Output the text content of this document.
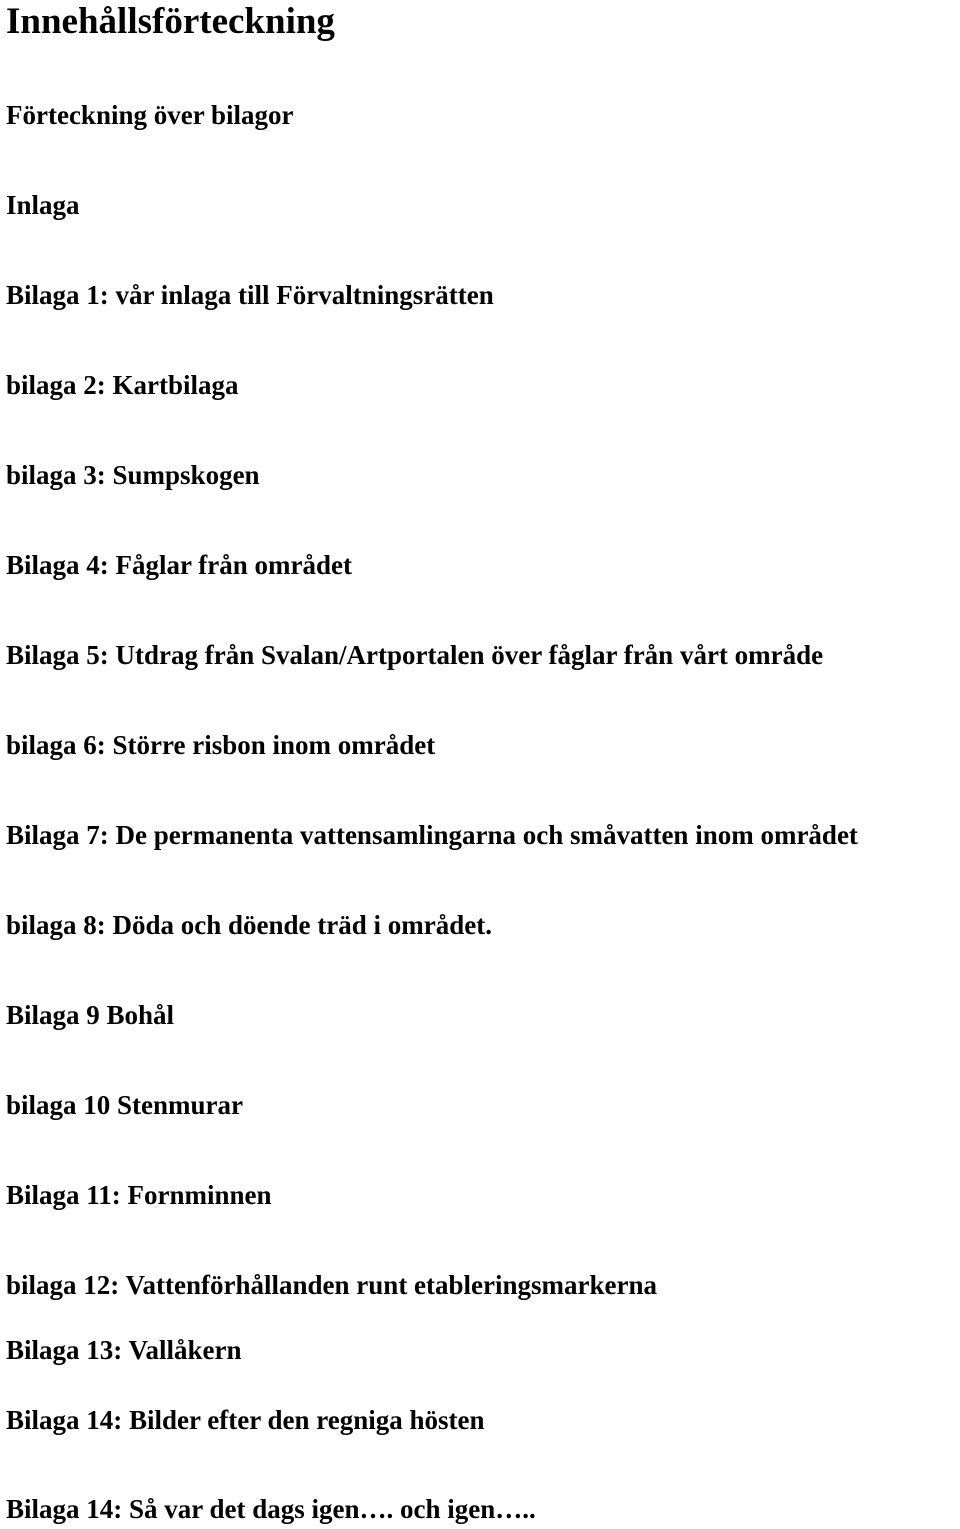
Innehållsförteckning

Förteckning över bilagor

Inlaga

Bilaga 1: vår inlaga till Förvaltningsrätten

bilaga 2: Kartbilaga

bilaga 3: Sumpskogen

Bilaga 4: Fåglar från området

Bilaga 5: Utdrag från Svalan/Artportalen över fåglar från vårt område

bilaga 6: Större risbon inom området

Bilaga 7: De permanenta vattensamlingarna och småvatten inom området

bilaga 8: Döda och döende träd i området.

Bilaga 9 Bohål

bilaga 10 Stenmurar

Bilaga 11: Fornminnen

bilaga 12: Vattenförhållanden runt etableringsmarkerna

Bilaga 13: Vallåkern

Bilaga 14: Bilder efter den regniga hösten

Bilaga 14: Så var det dags igen…. och igen…..
